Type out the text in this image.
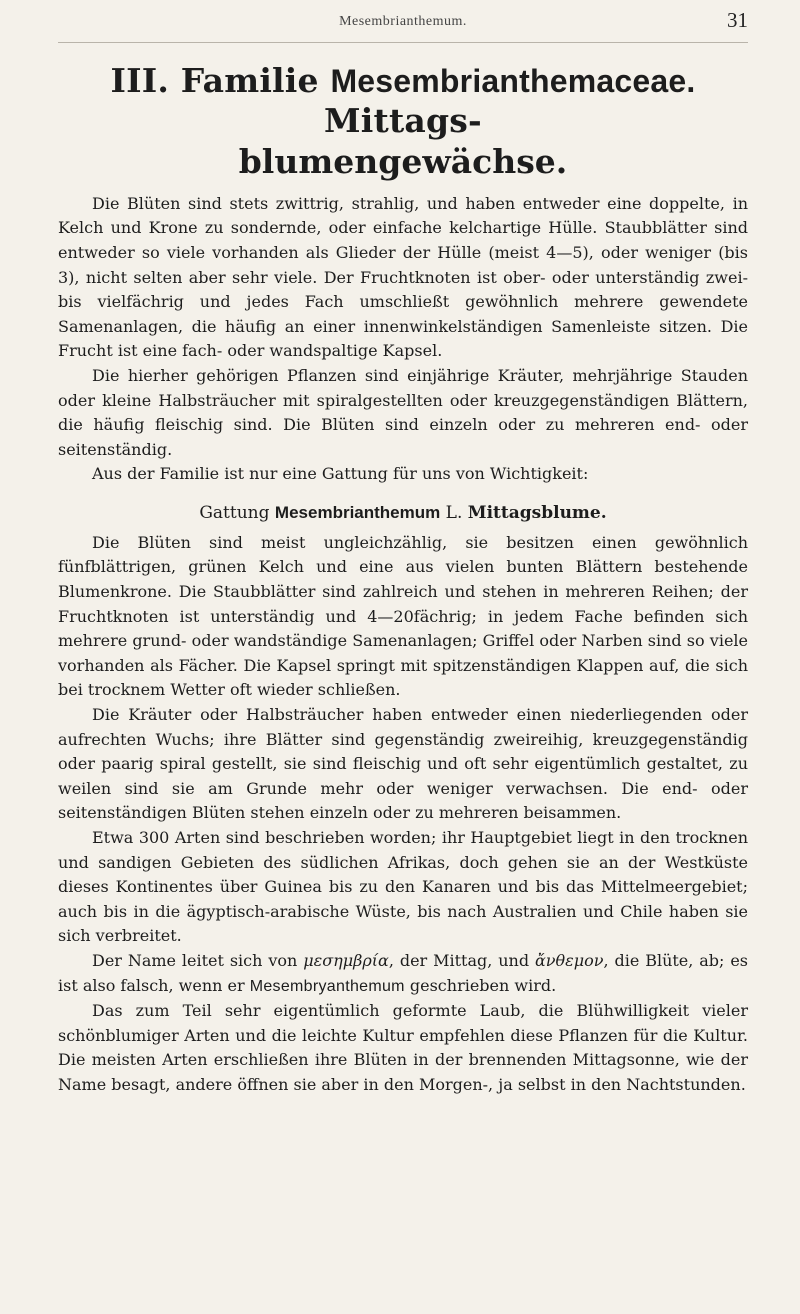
Mesembrianthemum.	31
III. Familie Mesembrianthemaceae. Mittags-
blumengewächse.

Die Blüten sind stets zwittrig, strahlig, und haben entweder eine doppelte, in Kelch und Krone zu sondernde, oder einfache kelchartige Hülle. Staubblätter sind entweder so viele vorhanden als Glieder der Hülle (meist 4—5), oder weniger (bis 3), nicht selten aber sehr viele. Der Fruchtknoten ist ober- oder unterständig zwei- bis vielfächrig und jedes Fach umschließt gewöhnlich mehrere gewendete Samenanlagen, die häufig an einer innenwinkelständigen Samenleiste sitzen. Die Frucht ist eine fach- oder wandspaltige Kapsel.

Die hierher gehörigen Pflanzen sind einjährige Kräuter, mehrjährige Stauden oder kleine Halbsträucher mit spiralgestellten oder kreuzgegenständigen Blättern, die häufig fleischig sind. Die Blüten sind einzeln oder zu mehreren end- oder seitenständig.

Aus der Familie ist nur eine Gattung für uns von Wichtigkeit:

Gattung Mesembrianthemum L. Mittagsblume.

Die Blüten sind meist ungleichzählig, sie besitzen einen gewöhnlich fünfblättrigen, grünen Kelch und eine aus vielen bunten Blättern bestehende Blumenkrone. Die Staubblätter sind zahlreich und stehen in mehreren Reihen; der Fruchtknoten ist unterständig und 4—20fächrig; in jedem Fache befinden sich mehrere grund- oder wandständige Samenanlagen; Griffel oder Narben sind so viele vorhanden als Fächer. Die Kapsel springt mit spitzenständigen Klappen auf, die sich bei trocknem Wetter oft wieder schließen.

Die Kräuter oder Halbsträucher haben entweder einen niederliegenden oder aufrechten Wuchs; ihre Blätter sind gegenständig zweireihig, kreuzgegenständig oder paarig spiral gestellt, sie sind fleischig und oft sehr eigentümlich gestaltet, zu weilen sind sie am Grunde mehr oder weniger verwachsen. Die end- oder seitenständigen Blüten stehen einzeln oder zu mehreren beisammen.

Etwa 300 Arten sind beschrieben worden; ihr Hauptgebiet liegt in den trocknen und sandigen Gebieten des südlichen Afrikas, doch gehen sie an der Westküste dieses Kontinentes über Guinea bis zu den Kanaren und bis das Mittelmeergebiet; auch bis in die ägyptisch-arabische Wüste, bis nach Australien und Chile haben sie sich verbreitet.

Der Name leitet sich von μεσημβρία, der Mittag, und ἄνθεμον, die Blüte, ab; es ist also falsch, wenn er Mesembryanthemum geschrieben wird.

Das zum Teil sehr eigentümlich geformte Laub, die Blühwilligkeit vieler schönblumiger Arten und die leichte Kultur empfehlen diese Pflanzen für die Kultur. Die meisten Arten erschließen ihre Blüten in der brennenden Mittagsonne, wie der Name besagt, andere öffnen sie aber in den Morgen-, ja selbst in den Nachtstunden.
